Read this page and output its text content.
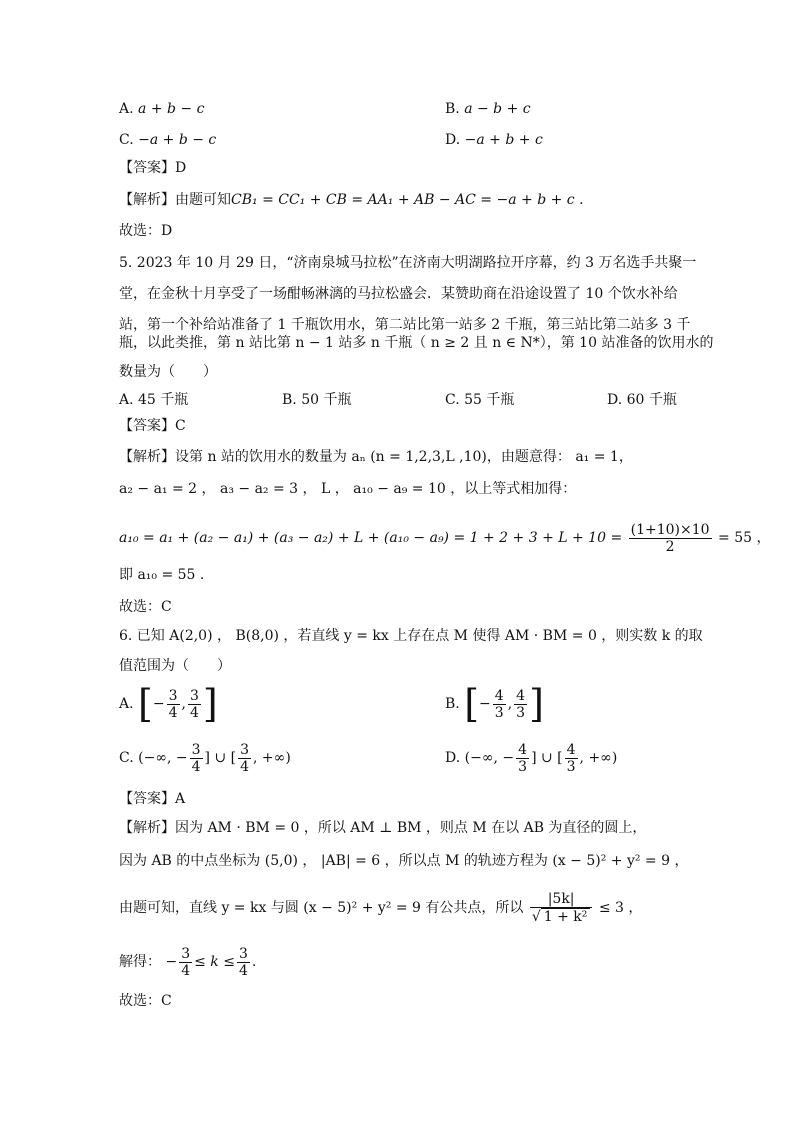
A. a + b − c	B. a − b + c
C. −a + b − c	D. −a + b + c
【答案】D
【解析】由题可知CB₁ = CC₁ + CB = AA₁ + AB − AC = −a + b + c .
故选：D
5. 2023 年 10 月 29 日，“济南泉城马拉松”在济南大明湖路拉开序幕，约 3 万名选手共聚一
堂，在金秋十月享受了一场酣畅淋漓的马拉松盛会．某赞助商在沿途设置了 10 个饮水补给
站，第一个补给站准备了 1 千瓶饮用水，第二站比第一站多 2 千瓶，第三站比第二站多 3 千
瓶，以此类推，第 n 站比第 n − 1 站多 n 千瓶（ n ≥ 2 且 n ∈ N*），第 10 站准备的饮用水的
数量为（　　）
A. 45 千瓶	B. 50 千瓶	C. 55 千瓶	D. 60 千瓶
【答案】C
【解析】设第 n 站的饮用水的数量为 aₙ (n = 1,2,3,L ,10)，由题意得： a₁ = 1，
a₂ − a₁ = 2 ， a₃ − a₂ = 3 ， L ， a₁₀ − a₉ = 10 ，以上等式相加得：
$a_{10} = a_1 + (a_2 - a_1) + (a_3 - a_2) + L + (a_{10} - a_9) = 1 + 2 + 3 + L + 10 = \frac{(1+10)\times 10}{2} = 55$ ，
即 a₁₀ = 55 .
故选：C
6. 已知 A(2,0) ， B(8,0) ，若直线 y = kx 上存在点 M 使得 AM · BM = 0 ，则实数 k 的取
值范围为（　　）
A. [− $\frac{3}{4}$ , $\frac{3}{4}$ ]	B. [− $\frac{4}{3}$ , $\frac{4}{3}$ ]
C. (−∞, − $\frac{3}{4}$ ] ∪ [ $\frac{3}{4}$ , +∞)	D. (−∞, − $\frac{4}{3}$ ] ∪ [ $\frac{4}{3}$ , +∞)
【答案】A
【解析】因为 AM · BM = 0 ，所以 AM ⊥ BM ，则点 M 在以 AB 为直径的圆上，
因为 AB 的中点坐标为 (5,0) ， |AB| = 6 ，所以点 M 的轨迹方程为 (x − 5)² + y² = 9 ，
由题可知，直线 y = kx 与圆 (x − 5)² + y² = 9 有公共点，所以 $\frac{|5k|}{\text{√ 1 + k²}} \le 3$ ，
解得： − $\frac{3}{4} \le k \le \frac{3}{4}$ .
故选：C
